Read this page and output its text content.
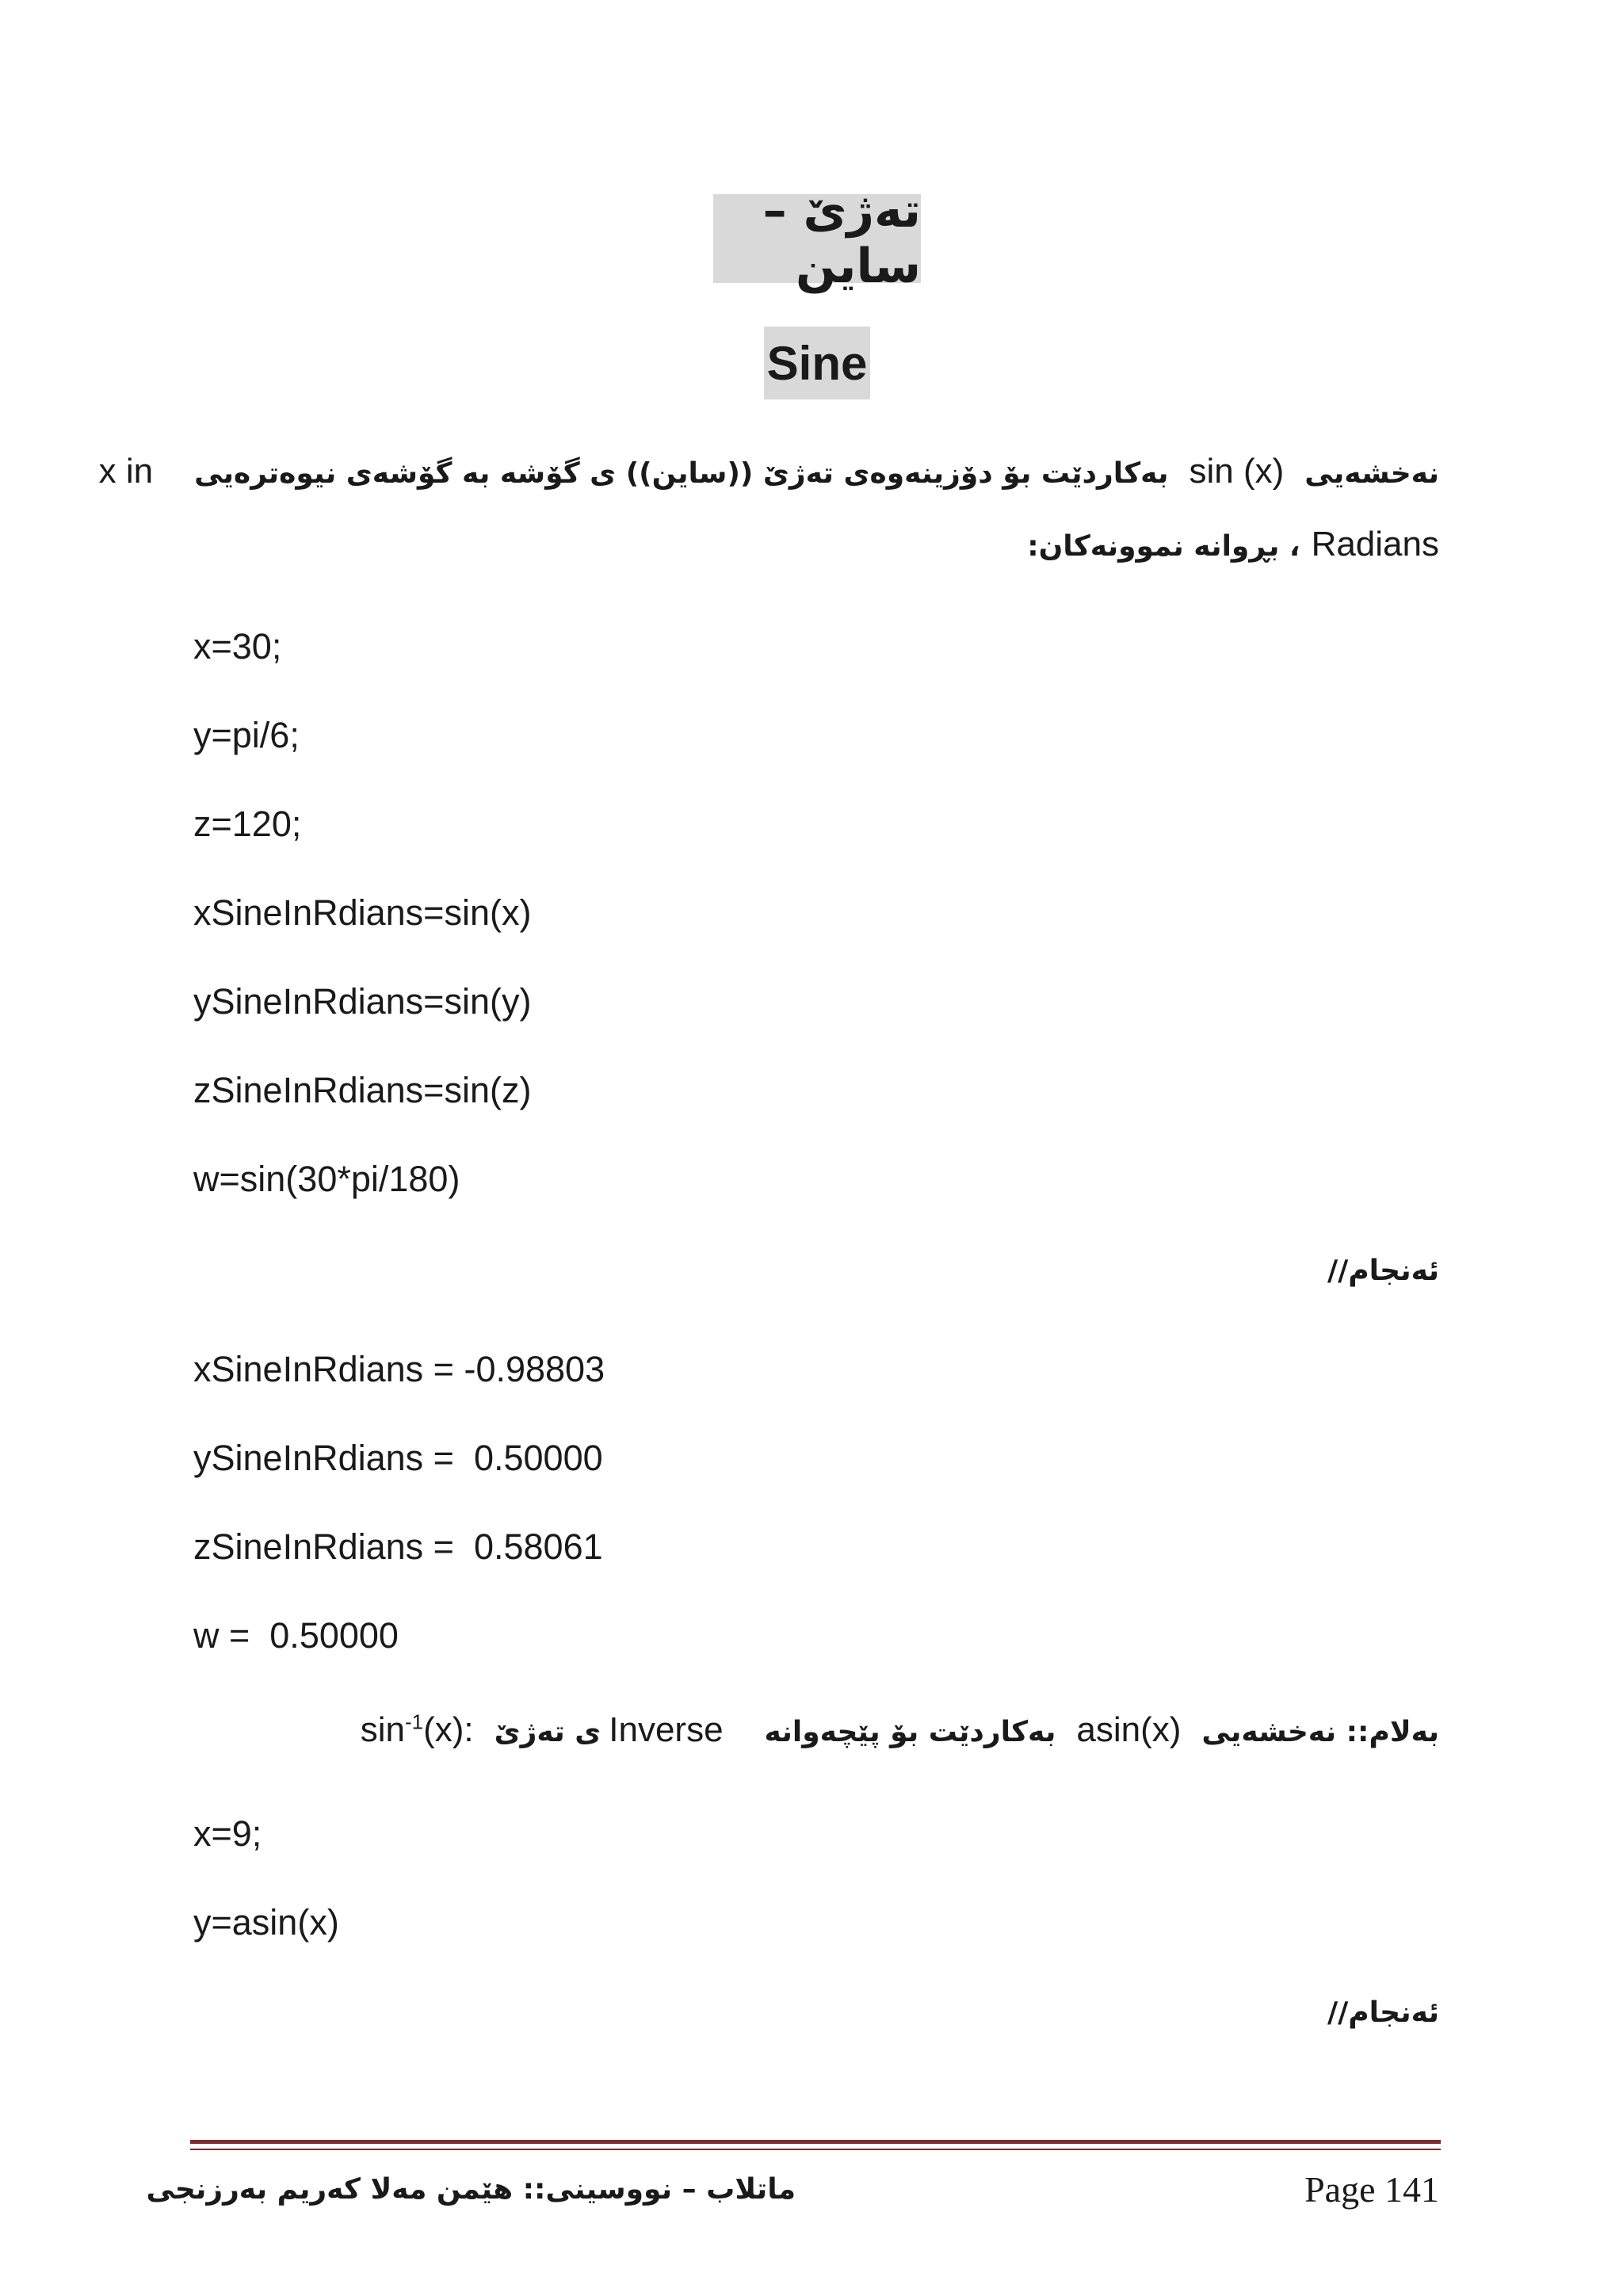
تەژێ –ساین
Sine
نەخشەییsin (x)بەکاردێت بۆ دۆزینەوەی تەژێ ((ساین)) ی گۆشە بە گۆشەی نیوەترەییx in
Radians، بڕوانە نموونەکان:
x=30;
y=pi/6;
z=120;
xSineInRdians=sin(x)
ySineInRdians=sin(y)
zSineInRdians=sin(z)
w=sin(30*pi/180)
ئەنجام//
xSineInRdians = -0.98803
ySineInRdians =  0.50000
zSineInRdians =  0.58061
w =  0.50000
بەلام:: نەخشەییasin(x)بەکاردێت بۆ پێچەوانەInverseی تەژێsin$^{-1}$(x):
x=9;
y=asin(x)
ئەنجام//
ماتلاب – نووسینی:: هێمن مەلا کەریم بەرزنجی	Page 141
